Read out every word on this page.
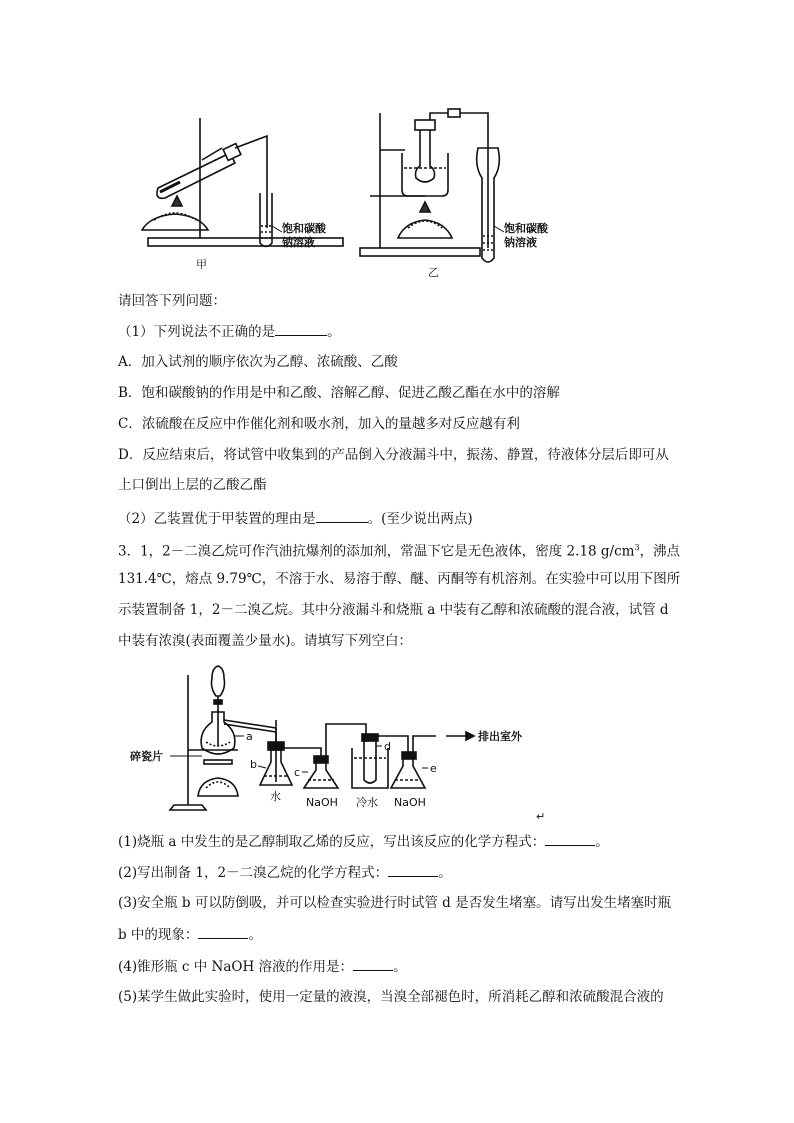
饱和碳酸
钠溶液
饱和碳酸
钠溶液
甲
乙
请回答下列问题：
（1）下列说法不正确的是	。
A．加入试剂的顺序依次为乙醇、浓硫酸、乙酸
B．饱和碳酸钠的作用是中和乙酸、溶解乙醇、促进乙酸乙酯在水中的溶解
C．浓硫酸在反应中作催化剂和吸水剂，加入的量越多对反应越有利
D．反应结束后，将试管中收集到的产品倒入分液漏斗中，振荡、静置，待液体分层后即可从
上口倒出上层的乙酸乙酯
（2）乙装置优于甲装置的理由是	。(至少说出两点)
3．1，2－二溴乙烷可作汽油抗爆剂的添加剂，常温下它是无色液体，密度 2.18 $g/cm^3$，沸点
131.4℃，熔点 9.79℃，不溶于水、易溶于醇、醚、丙酮等有机溶剂。在实验中可以用下图所
示装置制备 1，2－二溴乙烷。其中分液漏斗和烧瓶 a 中装有乙醇和浓硫酸的混合液，试管 d
中装有浓溴(表面覆盖少量水)。请填写下列空白：
a
碎瓷片
b
c
d
e
排出室外
水 NaOH 冷水 NaOH
↵
(1)烧瓶 a 中发生的是乙醇制取乙烯的反应，写出该反应的化学方程式：	。
(2)写出制备 1，2－二溴乙烷的化学方程式：	。
(3)安全瓶 b 可以防倒吸，并可以检查实验进行时试管 d 是否发生堵塞。请写出发生堵塞时瓶
b 中的现象：	。
(4)锥形瓶 c 中 NaOH 溶液的作用是：	。
(5)某学生做此实验时，使用一定量的液溴，当溴全部褪色时，所消耗乙醇和浓硫酸混合液的
